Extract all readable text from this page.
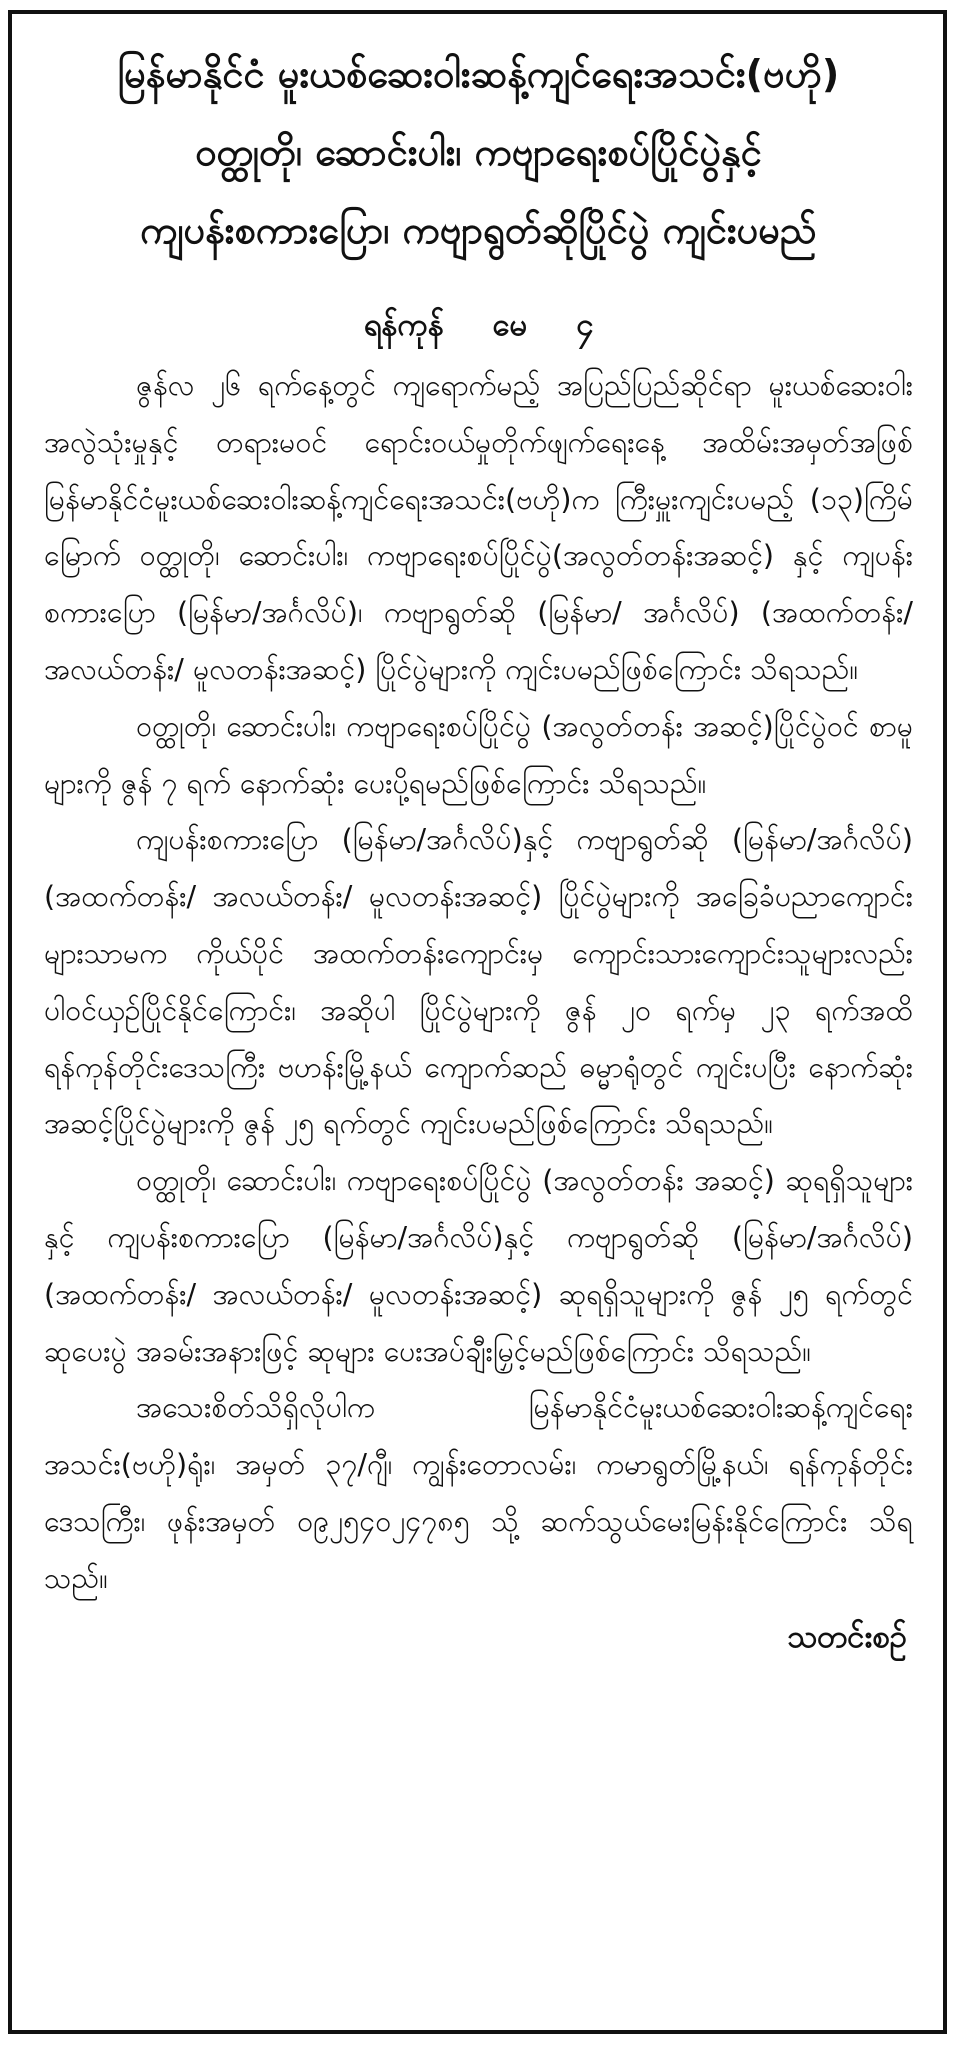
မြန်မာနိုင်ငံ မူးယစ်ဆေးဝါးဆန့်ကျင်ရေးအသင်း(ဗဟို)
ဝတ္ထုတို၊ ဆောင်းပါး၊ ကဗျာရေးစပ်ပြိုင်ပွဲနှင့်
ကျပန်းစကားပြော၊ ကဗျာရွတ်ဆိုပြိုင်ပွဲ ကျင်းပမည်
ရန်ကုန် မေ ၄

ဇွန်လ ၂၆ ရက်နေ့တွင် ကျရောက်မည့် အပြည်ပြည်ဆိုင်ရာ မူးယစ်ဆေးဝါးအလွဲသုံးမှုနှင့် တရားမဝင် ရောင်းဝယ်မှုတိုက်ဖျက်ရေးနေ့ အထိမ်းအမှတ်အဖြစ် မြန်မာနိုင်ငံမူးယစ်ဆေးဝါးဆန့်ကျင်ရေးအသင်း(ဗဟို)က ကြီးမှူးကျင်းပမည့် (၁၃)ကြိမ်မြောက် ဝတ္ထုတို၊ ဆောင်းပါး၊ ကဗျာရေးစပ်ပြိုင်ပွဲ(အလွတ်တန်းအဆင့်) နှင့် ကျပန်းစကားပြော (မြန်မာ/အင်္ဂလိပ်)၊ ကဗျာရွတ်ဆို (မြန်မာ/ အင်္ဂလိပ်) (အထက်တန်း/ အလယ်တန်း/ မူလတန်းအဆင့်) ပြိုင်ပွဲများကို ကျင်းပမည်ဖြစ်ကြောင်း သိရသည်။

ဝတ္ထုတို၊ ဆောင်းပါး၊ ကဗျာရေးစပ်ပြိုင်ပွဲ (အလွတ်တန်း အဆင့်)ပြိုင်ပွဲဝင် စာမူများကို ဇွန် ၇ ရက် နောက်ဆုံး ပေးပို့ရမည်ဖြစ်ကြောင်း သိရသည်။

ကျပန်းစကားပြော (မြန်မာ/အင်္ဂလိပ်)နှင့် ကဗျာရွတ်ဆို (မြန်မာ/အင်္ဂလိပ်) (အထက်တန်း/ အလယ်တန်း/ မူလတန်းအဆင့်) ပြိုင်ပွဲများကို အခြေခံပညာကျောင်းများသာမက ကိုယ်ပိုင် အထက်တန်းကျောင်းမှ ကျောင်းသားကျောင်းသူများလည်း ပါဝင်ယှဉ်ပြိုင်နိုင်ကြောင်း၊ အဆိုပါ ပြိုင်ပွဲများကို ဇွန် ၂၀ ရက်မှ ၂၃ ရက်အထိ ရန်ကုန်တိုင်းဒေသကြီး ဗဟန်းမြို့နယ် ကျောက်ဆည် ဓမ္မာရုံတွင် ကျင်းပပြီး နောက်ဆုံးအဆင့်ပြိုင်ပွဲများကို ဇွန် ၂၅ ရက်တွင် ကျင်းပမည်ဖြစ်ကြောင်း သိရသည်။

ဝတ္ထုတို၊ ဆောင်းပါး၊ ကဗျာရေးစပ်ပြိုင်ပွဲ (အလွတ်တန်း အဆင့်) ဆုရရှိသူများနှင့် ကျပန်းစကားပြော (မြန်မာ/အင်္ဂလိပ်)နှင့် ကဗျာရွတ်ဆို (မြန်မာ/အင်္ဂလိပ်) (အထက်တန်း/ အလယ်တန်း/ မူလတန်းအဆင့်) ဆုရရှိသူများကို ဇွန် ၂၅ ရက်တွင် ဆုပေးပွဲ အခမ်းအနားဖြင့် ဆုများ ပေးအပ်ချီးမြှင့်မည်ဖြစ်ကြောင်း သိရသည်။

အသေးစိတ်သိရှိလိုပါက မြန်မာနိုင်ငံမူးယစ်ဆေးဝါးဆန့်ကျင်ရေးအသင်း(ဗဟို)ရုံး၊ အမှတ် ၃၇/ဂျီ၊ ကျွန်းတောလမ်း၊ ကမာရွတ်မြို့နယ်၊ ရန်ကုန်တိုင်းဒေသကြီး၊ ဖုန်းအမှတ် ၀၉၂၅၄၀၂၄၇၈၅ သို့ ဆက်သွယ်မေးမြန်းနိုင်ကြောင်း သိရသည်။

သတင်းစဉ်
